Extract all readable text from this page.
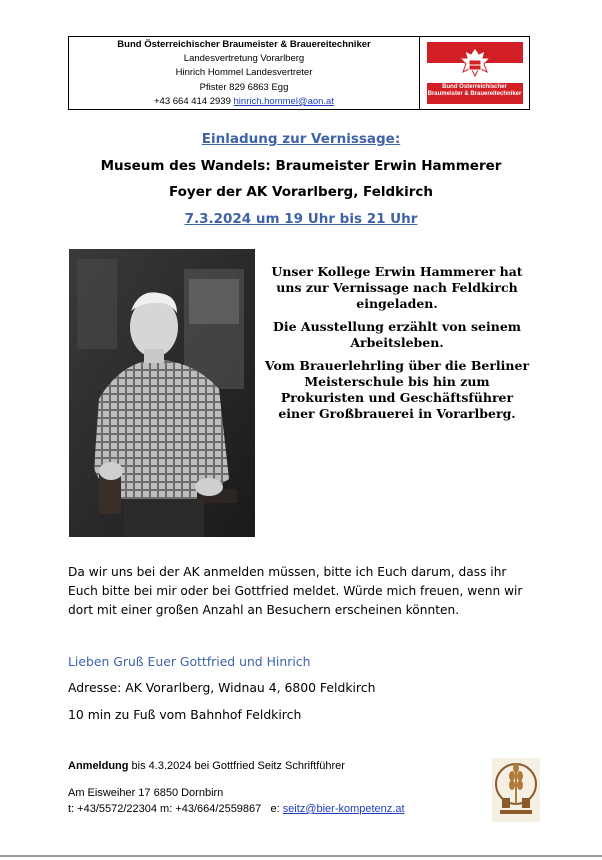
Bund Österreichischer Braumeister & Brauereitechniker
Landesvertretung Vorarlberg
Hinrich Hommel Landesvertreter
Pfister 829 6863 Egg
+43 664 414 2939 hinrich.hommel@aon.at
Bund Österreichischer
Braumeister & Brauereitechniker
Einladung zur Vernissage:
Museum des Wandels: Braumeister Erwin Hammerer
Foyer der AK Vorarlberg, Feldkirch
7.3.2024 um 19 Uhr bis 21 Uhr

Unser Kollege Erwin Hammerer hat uns zur Vernissage nach Feldkirch eingeladen.

Die Ausstellung erzählt von seinem Arbeitsleben.

Vom Brauerlehrling über die Berliner Meisterschule bis hin zum Prokuristen und Geschäftsführer einer Großbrauerei in Vorarlberg.

Da wir uns bei der AK anmelden müssen, bitte ich Euch darum, dass ihr Euch bitte bei mir oder bei Gottfried meldet. Würde mich freuen, wenn wir dort mit einer großen Anzahl an Besuchern erscheinen könnten.
Lieben Gruß Euer Gottfried und Hinrich
Adresse: AK Vorarlberg, Widnau 4, 6800 Feldkirch
10 min zu Fuß vom Bahnhof Feldkirch
Anmeldung bis 4.3.2024 bei Gottfried Seitz Schriftführer
Am Eisweiher 17 6850 Dornbirn
t: +43/5572/22304 m: +43/664/2559867 e: seitz@bier-kompetenz.at
